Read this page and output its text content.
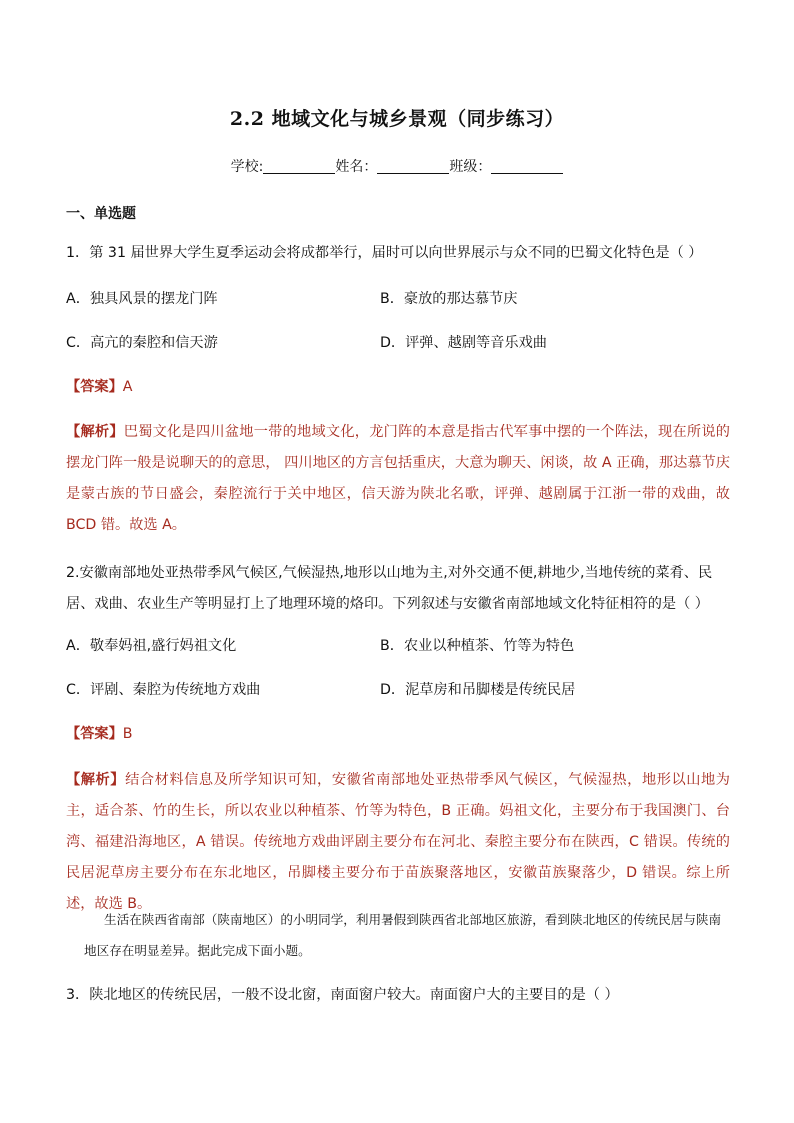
2.2 地域文化与城乡景观（同步练习）
学校:	姓名：	班级：
一、单选题
1．第 31 届世界大学生夏季运动会将成都举行，届时可以向世界展示与众不同的巴蜀文化特色是（ ）
A．独具风景的摆龙门阵	B．豪放的那达慕节庆
C．高亢的秦腔和信天游	D．评弹、越剧等音乐戏曲
【答案】A
【解析】巴蜀文化是四川盆地一带的地域文化，龙门阵的本意是指古代军事中摆的一个阵法，现在所说的摆龙门阵一般是说聊天的的意思， 四川地区的方言包括重庆，大意为聊天、闲谈，故 A 正确，那达慕节庆是蒙古族的节日盛会，秦腔流行于关中地区，信天游为陕北名歌，评弹、越剧属于江浙一带的戏曲，故 BCD 错。故选 A。
2.安徽南部地处亚热带季风气候区,气候湿热,地形以山地为主,对外交通不便,耕地少,当地传统的菜肴、民居、戏曲、农业生产等明显打上了地理环境的烙印。下列叙述与安徽省南部地域文化特征相符的是（ ）
A．敬奉妈祖,盛行妈祖文化	B．农业以种植茶、竹等为特色
C．评剧、秦腔为传统地方戏曲	D．泥草房和吊脚楼是传统民居
【答案】B
【解析】结合材料信息及所学知识可知，安徽省南部地处亚热带季风气候区，气候湿热，地形以山地为主，适合茶、竹的生长，所以农业以种植茶、竹等为特色，B 正确。妈祖文化，主要分布于我国澳门、台湾、福建沿海地区，A 错误。传统地方戏曲评剧主要分布在河北、秦腔主要分布在陕西，C 错误。传统的民居泥草房主要分布在东北地区，吊脚楼主要分布于苗族聚落地区，安徽苗族聚落少，D 错误。综上所述，故选 B。
生活在陕西省南部（陕南地区）的小明同学，利用暑假到陕西省北部地区旅游，看到陕北地区的传统民居与陕南地区存在明显差异。据此完成下面小题。
3．陕北地区的传统民居，一般不设北窗，南面窗户较大。南面窗户大的主要目的是（ ）
